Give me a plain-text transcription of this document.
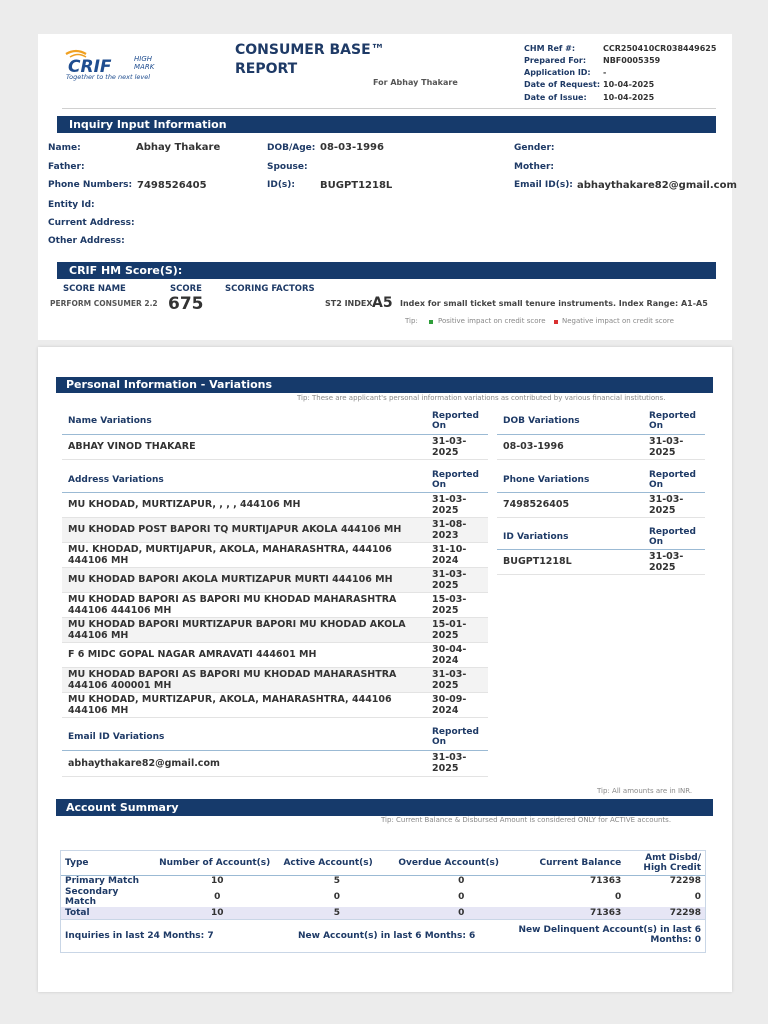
CRIF	HIGH
MARK
Together to the next level
CONSUMER BASE™
REPORT
For Abhay Thakare
CHM Ref #:	CCR250410CR038449625
Prepared For: NBF0005359
Application ID: -
Date of Request: 10-04-2025
Date of Issue: 10-04-2025
Inquiry Input Information
Name:	Abhay Thakare	DOB/Age: 08-03-1996	Gender:
Father:	Spouse:	Mother:
Phone Numbers: 7498526405	ID(s): BUGPT1218L	Email ID(s): abhaythakare82@gmail.com
Entity Id:
Current Address:
Other Address:
CRIF HM Score(S):
SCORE NAME	SCORE	SCORING FACTORS
PERFORM CONSUMER 2.2 675	ST2 INDEX A5 Index for small ticket small tenure instruments. Index Range: A1-A5
Tip:	Positive impact on credit score Negative impact on credit score
Personal Information - Variations
Tip: These are applicant's personal information variations as contributed by various financial institutions.
Name Variations	Reported
On
ABHAY VINOD THAKARE	31-03-
2025
Address Variations	Reported
On
MU KHODAD, MURTIZAPUR, , , , 444106 MH	31-03-
2025
MU KHODAD POST BAPORI TQ MURTIJAPUR AKOLA 444106 MH	31-08-
2023
MU. KHODAD, MURTIJAPUR, AKOLA, MAHARASHTRA, 444106
444106 MH	31-10-
2024
MU KHODAD BAPORI AKOLA MURTIZAPUR MURTI 444106 MH	31-03-
2025
MU KHODAD BAPORI AS BAPORI MU KHODAD MAHARASHTRA
444106 444106 MH	15-03-
2025
MU KHODAD BAPORI MURTIZAPUR BAPORI MU KHODAD AKOLA
444106 MH	15-01-
2025
F 6 MIDC GOPAL NAGAR AMRAVATI 444601 MH	30-04-
2024
MU KHODAD BAPORI AS BAPORI MU KHODAD MAHARASHTRA
444106 400001 MH	31-03-
2025
MU KHODAD, MURTIZAPUR, AKOLA, MAHARASHTRA, 444106
444106 MH	30-09-
2024
Email ID Variations	Reported
On
abhaythakare82@gmail.com	31-03-
2025
DOB Variations	Reported
On
08-03-1996	31-03-
2025
Phone Variations	Reported
On
7498526405	31-03-
2025
ID Variations	Reported
On
BUGPT1218L	31-03-
2025
Tip: All amounts are in INR.
Account Summary
Tip: Current Balance & Disbursed Amount is considered ONLY for ACTIVE accounts.
Type	Number of Account(s)	Active Account(s)	Overdue Account(s)	Current Balance	Amt Disbd/ High Credit
Primary Match	10	5	0	71363	72298
Secondary Match	0	0	0	0	0
Total	10	5	0	71363	72298
Inquiries in last 24 Months: 7	New Account(s) in last 6 Months: 6
New Delinquent Account(s) in last 6
Months: 0
